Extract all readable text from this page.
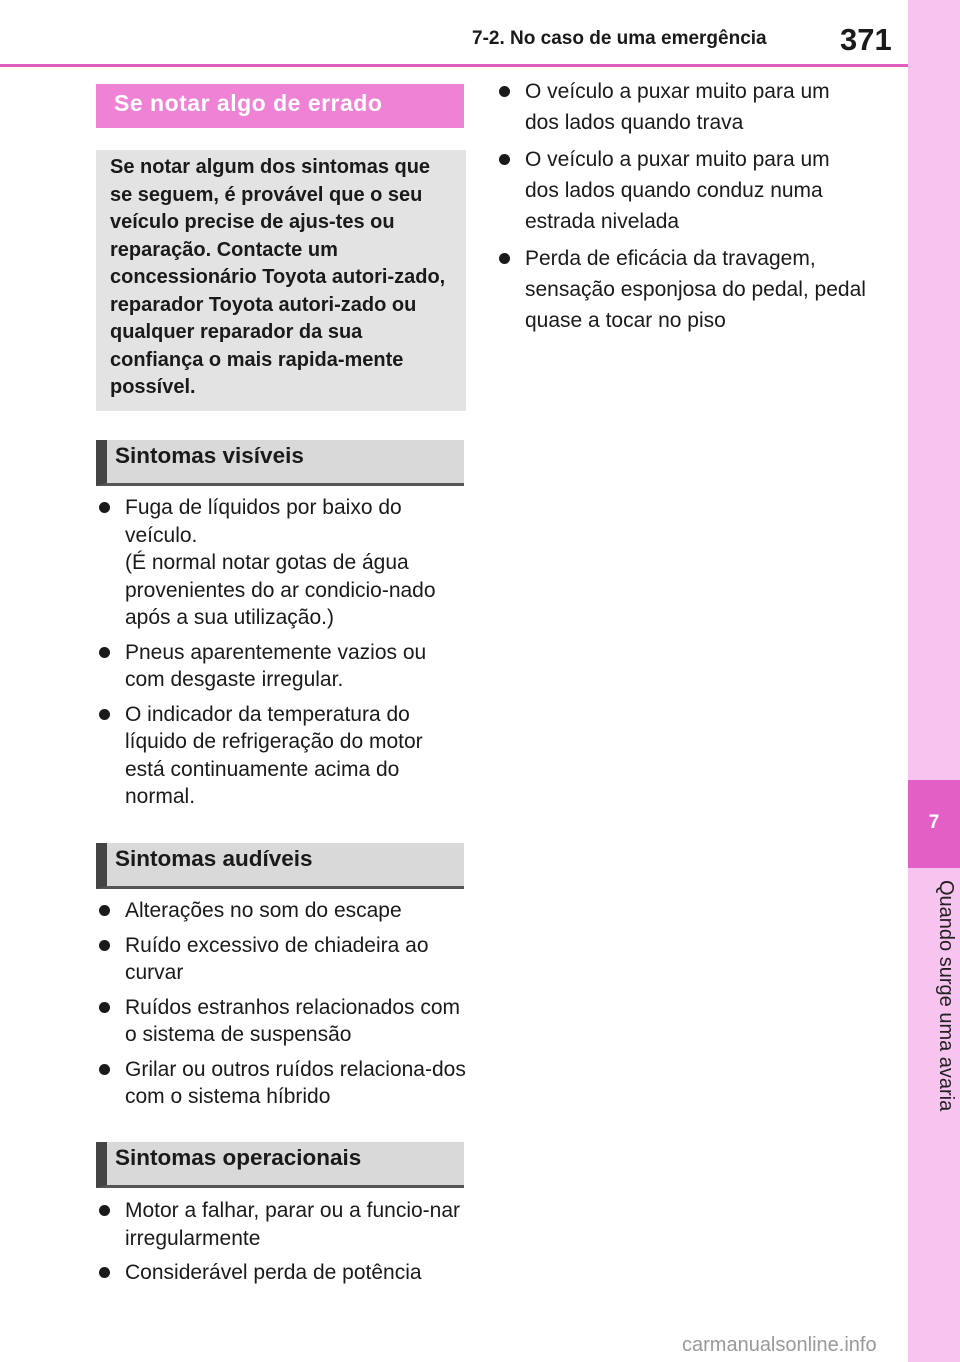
7-2. No caso de uma emergência 371
7
Quando surge uma avaria
Se notar algo de errado
Se notar algum dos sintomas que se seguem, é provável que o seu veículo precise de ajus-tes ou reparação. Contacte um concessionário Toyota autori-zado, reparador Toyota autori-zado ou qualquer reparador da sua confiança o mais rapida-mente possível.
Sintomas visíveis
Fuga de líquidos por baixo do veículo.
(É normal notar gotas de água provenientes do ar condicio-nado após a sua utilização.)
Pneus aparentemente vazios ou com desgaste irregular.
O indicador da temperatura do líquido de refrigeração do motor está continuamente acima do normal.
Sintomas audíveis
Alterações no som do escape
Ruído excessivo de chiadeira ao curvar
Ruídos estranhos relacionados com o sistema de suspensão
Grilar ou outros ruídos relaciona-dos com o sistema híbrido
Sintomas operacionais
Motor a falhar, parar ou a funcio-nar irregularmente
Considerável perda de potência
O veículo a puxar muito para um dos lados quando trava
O veículo a puxar muito para um dos lados quando conduz numa estrada nivelada
Perda de eficácia da travagem, sensação esponjosa do pedal, pedal quase a tocar no piso
carmanualsonline.info
